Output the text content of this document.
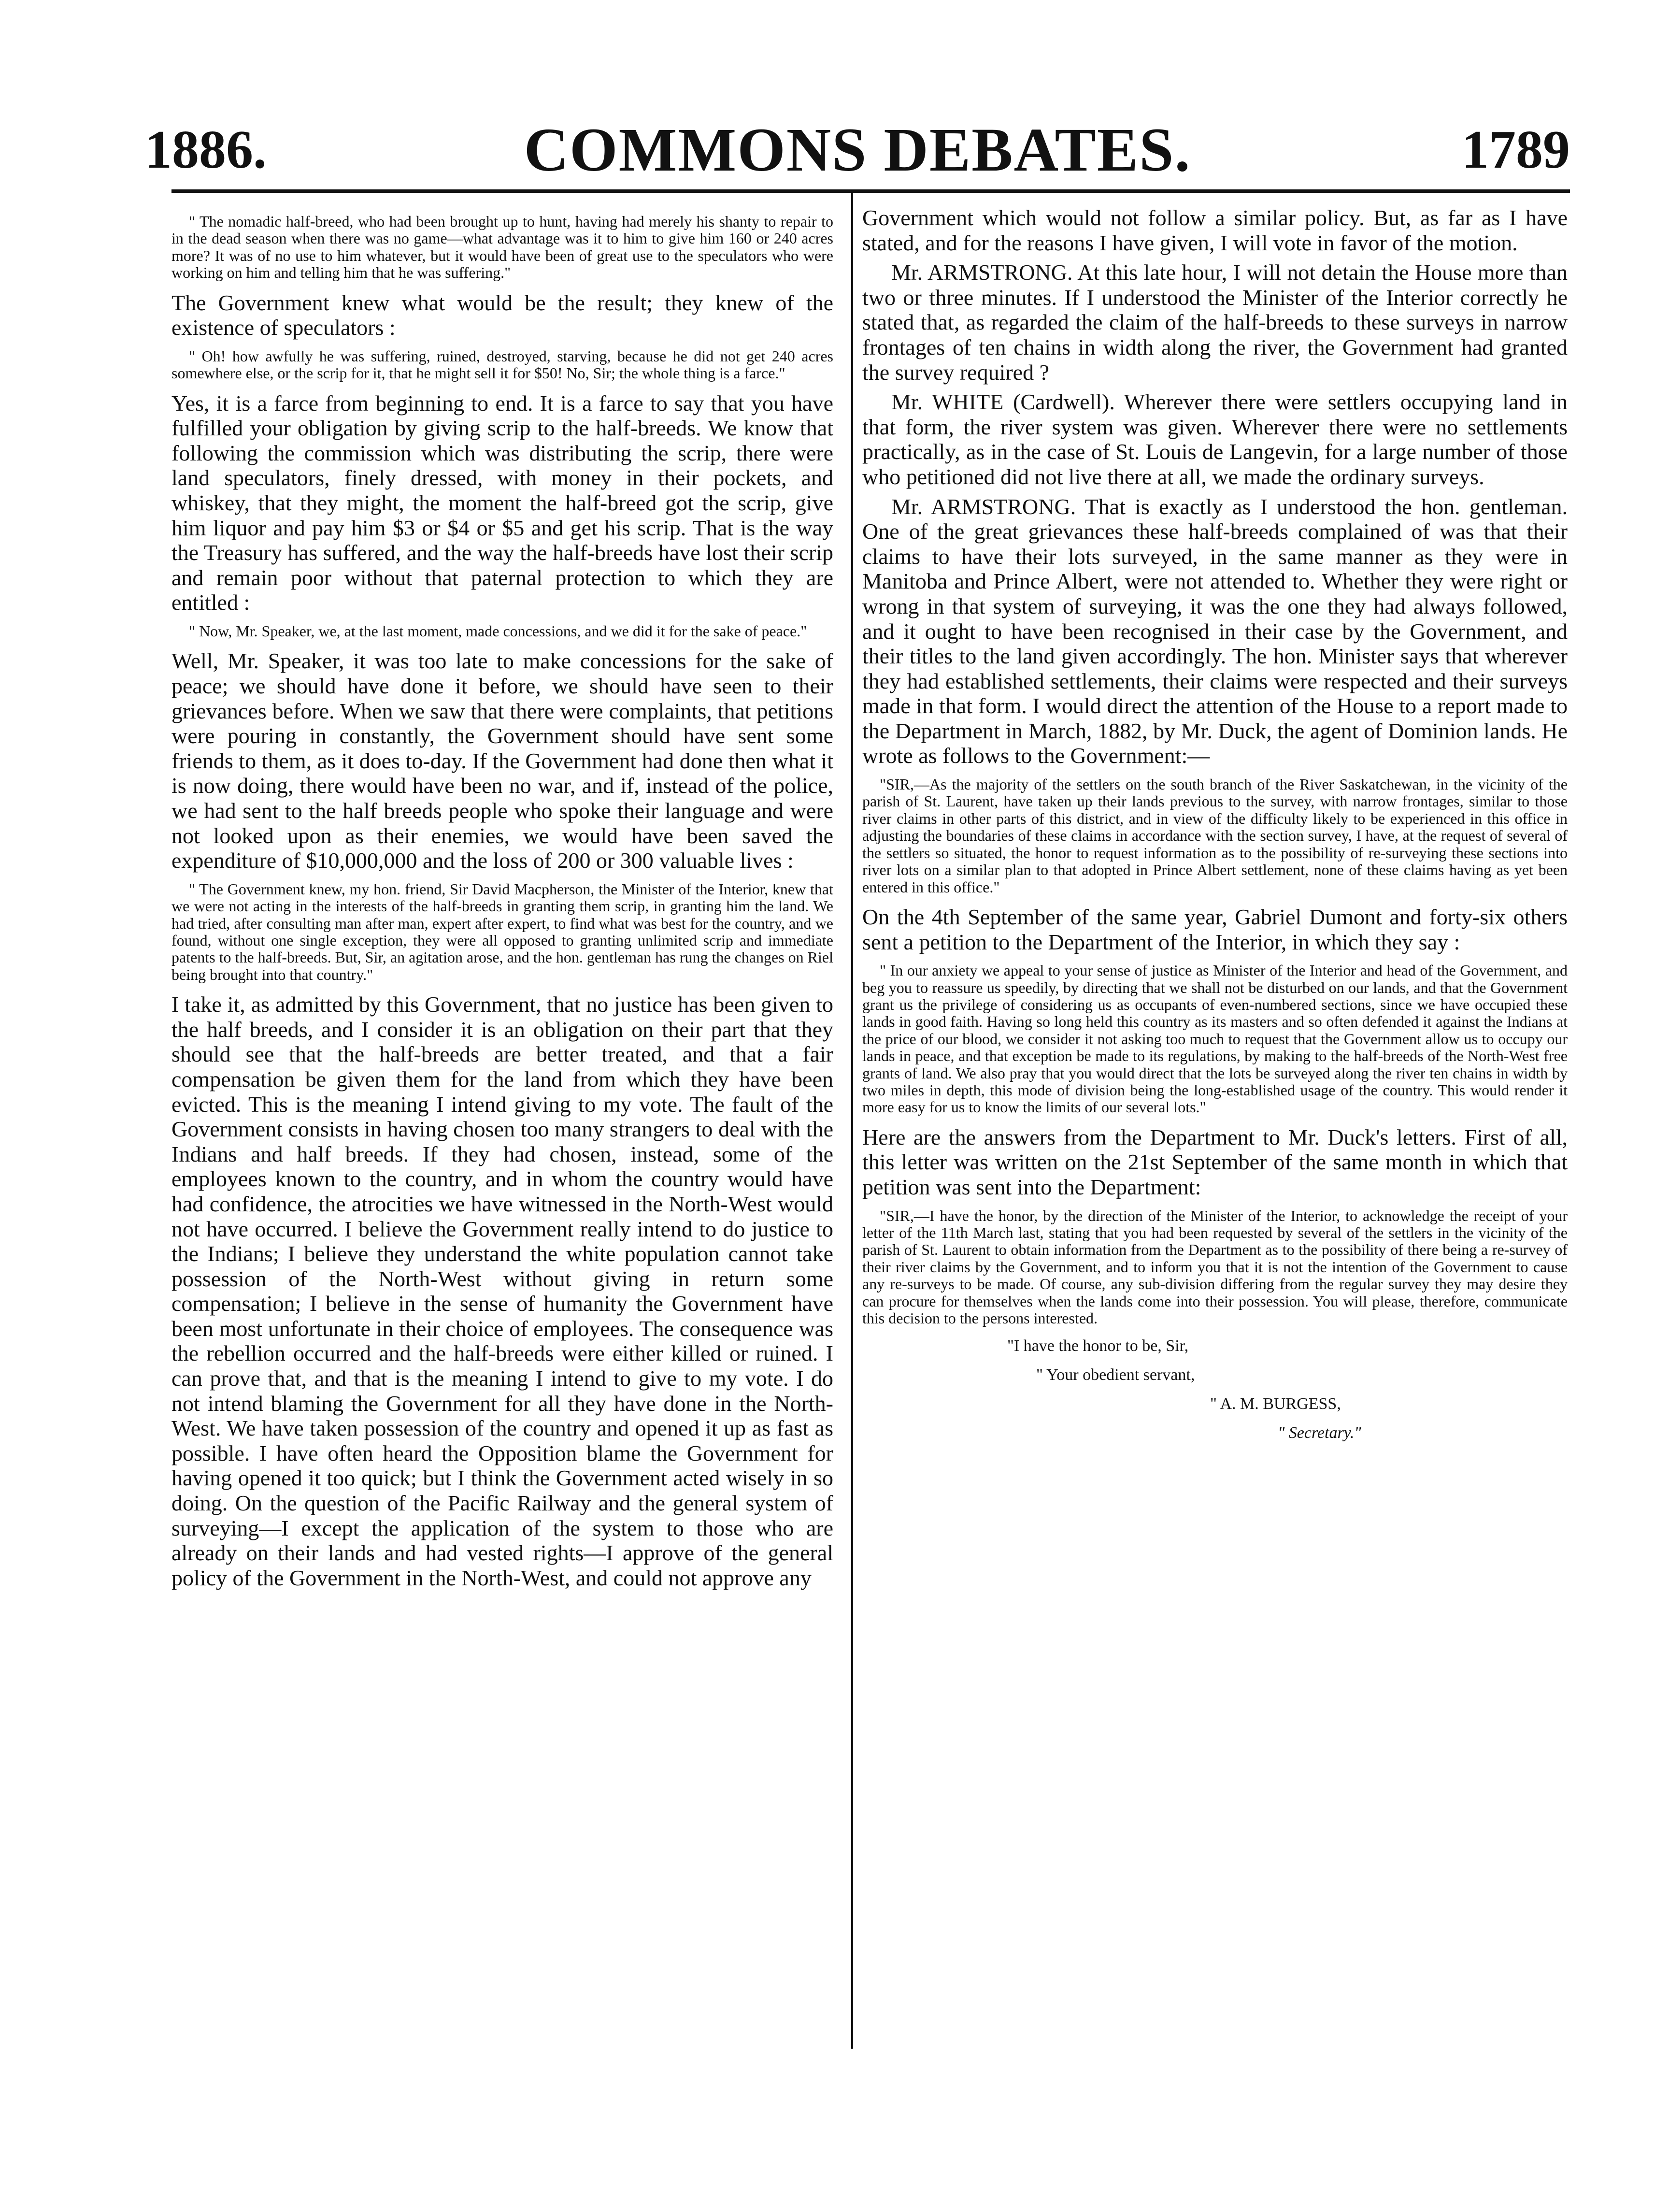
1886.	COMMONS DEBATES.	1789

" The nomadic half-breed, who had been brought up to hunt, having had merely his shanty to repair to in the dead season when there was no game—what advantage was it to him to give him 160 or 240 acres more? It was of no use to him whatever, but it would have been of great use to the speculators who were working on him and telling him that he was suffering."

The Government knew what would be the result; they knew of the existence of speculators :

" Oh! how awfully he was suffering, ruined, destroyed, starving, because he did not get 240 acres somewhere else, or the scrip for it, that he might sell it for $50! No, Sir; the whole thing is a farce."

Yes, it is a farce from beginning to end. It is a farce to say that you have fulfilled your obligation by giving scrip to the half-breeds. We know that following the commission which was distributing the scrip, there were land speculators, finely dressed, with money in their pockets, and whiskey, that they might, the moment the half-breed got the scrip, give him liquor and pay him $3 or $4 or $5 and get his scrip. That is the way the Treasury has suffered, and the way the half-breeds have lost their scrip and remain poor without that paternal protection to which they are entitled :

" Now, Mr. Speaker, we, at the last moment, made concessions, and we did it for the sake of peace."

Well, Mr. Speaker, it was too late to make concessions for the sake of peace; we should have done it before, we should have seen to their grievances before. When we saw that there were complaints, that petitions were pouring in constantly, the Government should have sent some friends to them, as it does to-day. If the Government had done then what it is now doing, there would have been no war, and if, instead of the police, we had sent to the half breeds people who spoke their language and were not looked upon as their enemies, we would have been saved the expenditure of $10,000,000 and the loss of 200 or 300 valuable lives :

" The Government knew, my hon. friend, Sir David Macpherson, the Minister of the Interior, knew that we were not acting in the interests of the half-breeds in granting them scrip, in granting him the land. We had tried, after consulting man after man, expert after expert, to find what was best for the country, and we found, without one single exception, they were all opposed to granting unlimited scrip and immediate patents to the half-breeds. But, Sir, an agitation arose, and the hon. gentleman has rung the changes on Riel being brought into that country."

I take it, as admitted by this Government, that no justice has been given to the half breeds, and I consider it is an obligation on their part that they should see that the half-breeds are better treated, and that a fair compensation be given them for the land from which they have been evicted. This is the meaning I intend giving to my vote. The fault of the Government consists in having chosen too many strangers to deal with the Indians and half breeds. If they had chosen, instead, some of the employees known to the country, and in whom the country would have had confidence, the atrocities we have witnessed in the North-West would not have occurred. I believe the Government really intend to do justice to the Indians; I believe they understand the white population cannot take possession of the North-West without giving in return some compensation; I believe in the sense of humanity the Government have been most unfortunate in their choice of employees. The consequence was the rebellion occurred and the half-breeds were either killed or ruined. I can prove that, and that is the meaning I intend to give to my vote. I do not intend blaming the Government for all they have done in the North-West. We have taken possession of the country and opened it up as fast as possible. I have often heard the Opposition blame the Government for having opened it too quick; but I think the Government acted wisely in so doing. On the question of the Pacific Railway and the general system of surveying—I except the application of the system to those who are already on their lands and had vested rights—I approve of the general policy of the Government in the North-West, and could not approve any

Government which would not follow a similar policy. But, as far as I have stated, and for the reasons I have given, I will vote in favor of the motion.

Mr. ARMSTRONG. At this late hour, I will not detain the House more than two or three minutes. If I understood the Minister of the Interior correctly he stated that, as regarded the claim of the half-breeds to these surveys in narrow frontages of ten chains in width along the river, the Government had granted the survey required ?

Mr. WHITE (Cardwell). Wherever there were settlers occupying land in that form, the river system was given. Wherever there were no settlements practically, as in the case of St. Louis de Langevin, for a large number of those who petitioned did not live there at all, we made the ordinary surveys.

Mr. ARMSTRONG. That is exactly as I understood the hon. gentleman. One of the great grievances these half-breeds complained of was that their claims to have their lots surveyed, in the same manner as they were in Manitoba and Prince Albert, were not attended to. Whether they were right or wrong in that system of surveying, it was the one they had always followed, and it ought to have been recognised in their case by the Government, and their titles to the land given accordingly. The hon. Minister says that wherever they had established settlements, their claims were respected and their surveys made in that form. I would direct the attention of the House to a report made to the Department in March, 1882, by Mr. Duck, the agent of Dominion lands. He wrote as follows to the Government:—

"SIR,—As the majority of the settlers on the south branch of the River Saskatchewan, in the vicinity of the parish of St. Laurent, have taken up their lands previous to the survey, with narrow frontages, similar to those river claims in other parts of this district, and in view of the difficulty likely to be experienced in this office in adjusting the boundaries of these claims in accordance with the section survey, I have, at the request of several of the settlers so situated, the honor to request information as to the possibility of re-surveying these sections into river lots on a similar plan to that adopted in Prince Albert settlement, none of these claims having as yet been entered in this office."

On the 4th September of the same year, Gabriel Dumont and forty-six others sent a petition to the Department of the Interior, in which they say :

" In our anxiety we appeal to your sense of justice as Minister of the Interior and head of the Government, and beg you to reassure us speedily, by directing that we shall not be disturbed on our lands, and that the Government grant us the privilege of considering us as occupants of even-numbered sections, since we have occupied these lands in good faith. Having so long held this country as its masters and so often defended it against the Indians at the price of our blood, we consider it not asking too much to request that the Government allow us to occupy our lands in peace, and that exception be made to its regulations, by making to the half-breeds of the North-West free grants of land. We also pray that you would direct that the lots be surveyed along the river ten chains in width by two miles in depth, this mode of division being the long-established usage of the country. This would render it more easy for us to know the limits of our several lots."

Here are the answers from the Department to Mr. Duck's letters. First of all, this letter was written on the 21st September of the same month in which that petition was sent into the Department:

"SIR,—I have the honor, by the direction of the Minister of the Interior, to acknowledge the receipt of your letter of the 11th March last, stating that you had been requested by several of the settlers in the vicinity of the parish of St. Laurent to obtain information from the Department as to the possibility of there being a re-survey of their river claims by the Government, and to inform you that it is not the intention of the Government to cause any re-surveys to be made. Of course, any sub-division differing from the regular survey they may desire they can procure for themselves when the lands come into their possession. You will please, therefore, communicate this decision to the persons interested.

"I have the honor to be, Sir,
" Your obedient servant,
" A. M. BURGESS,
" Secretary."
